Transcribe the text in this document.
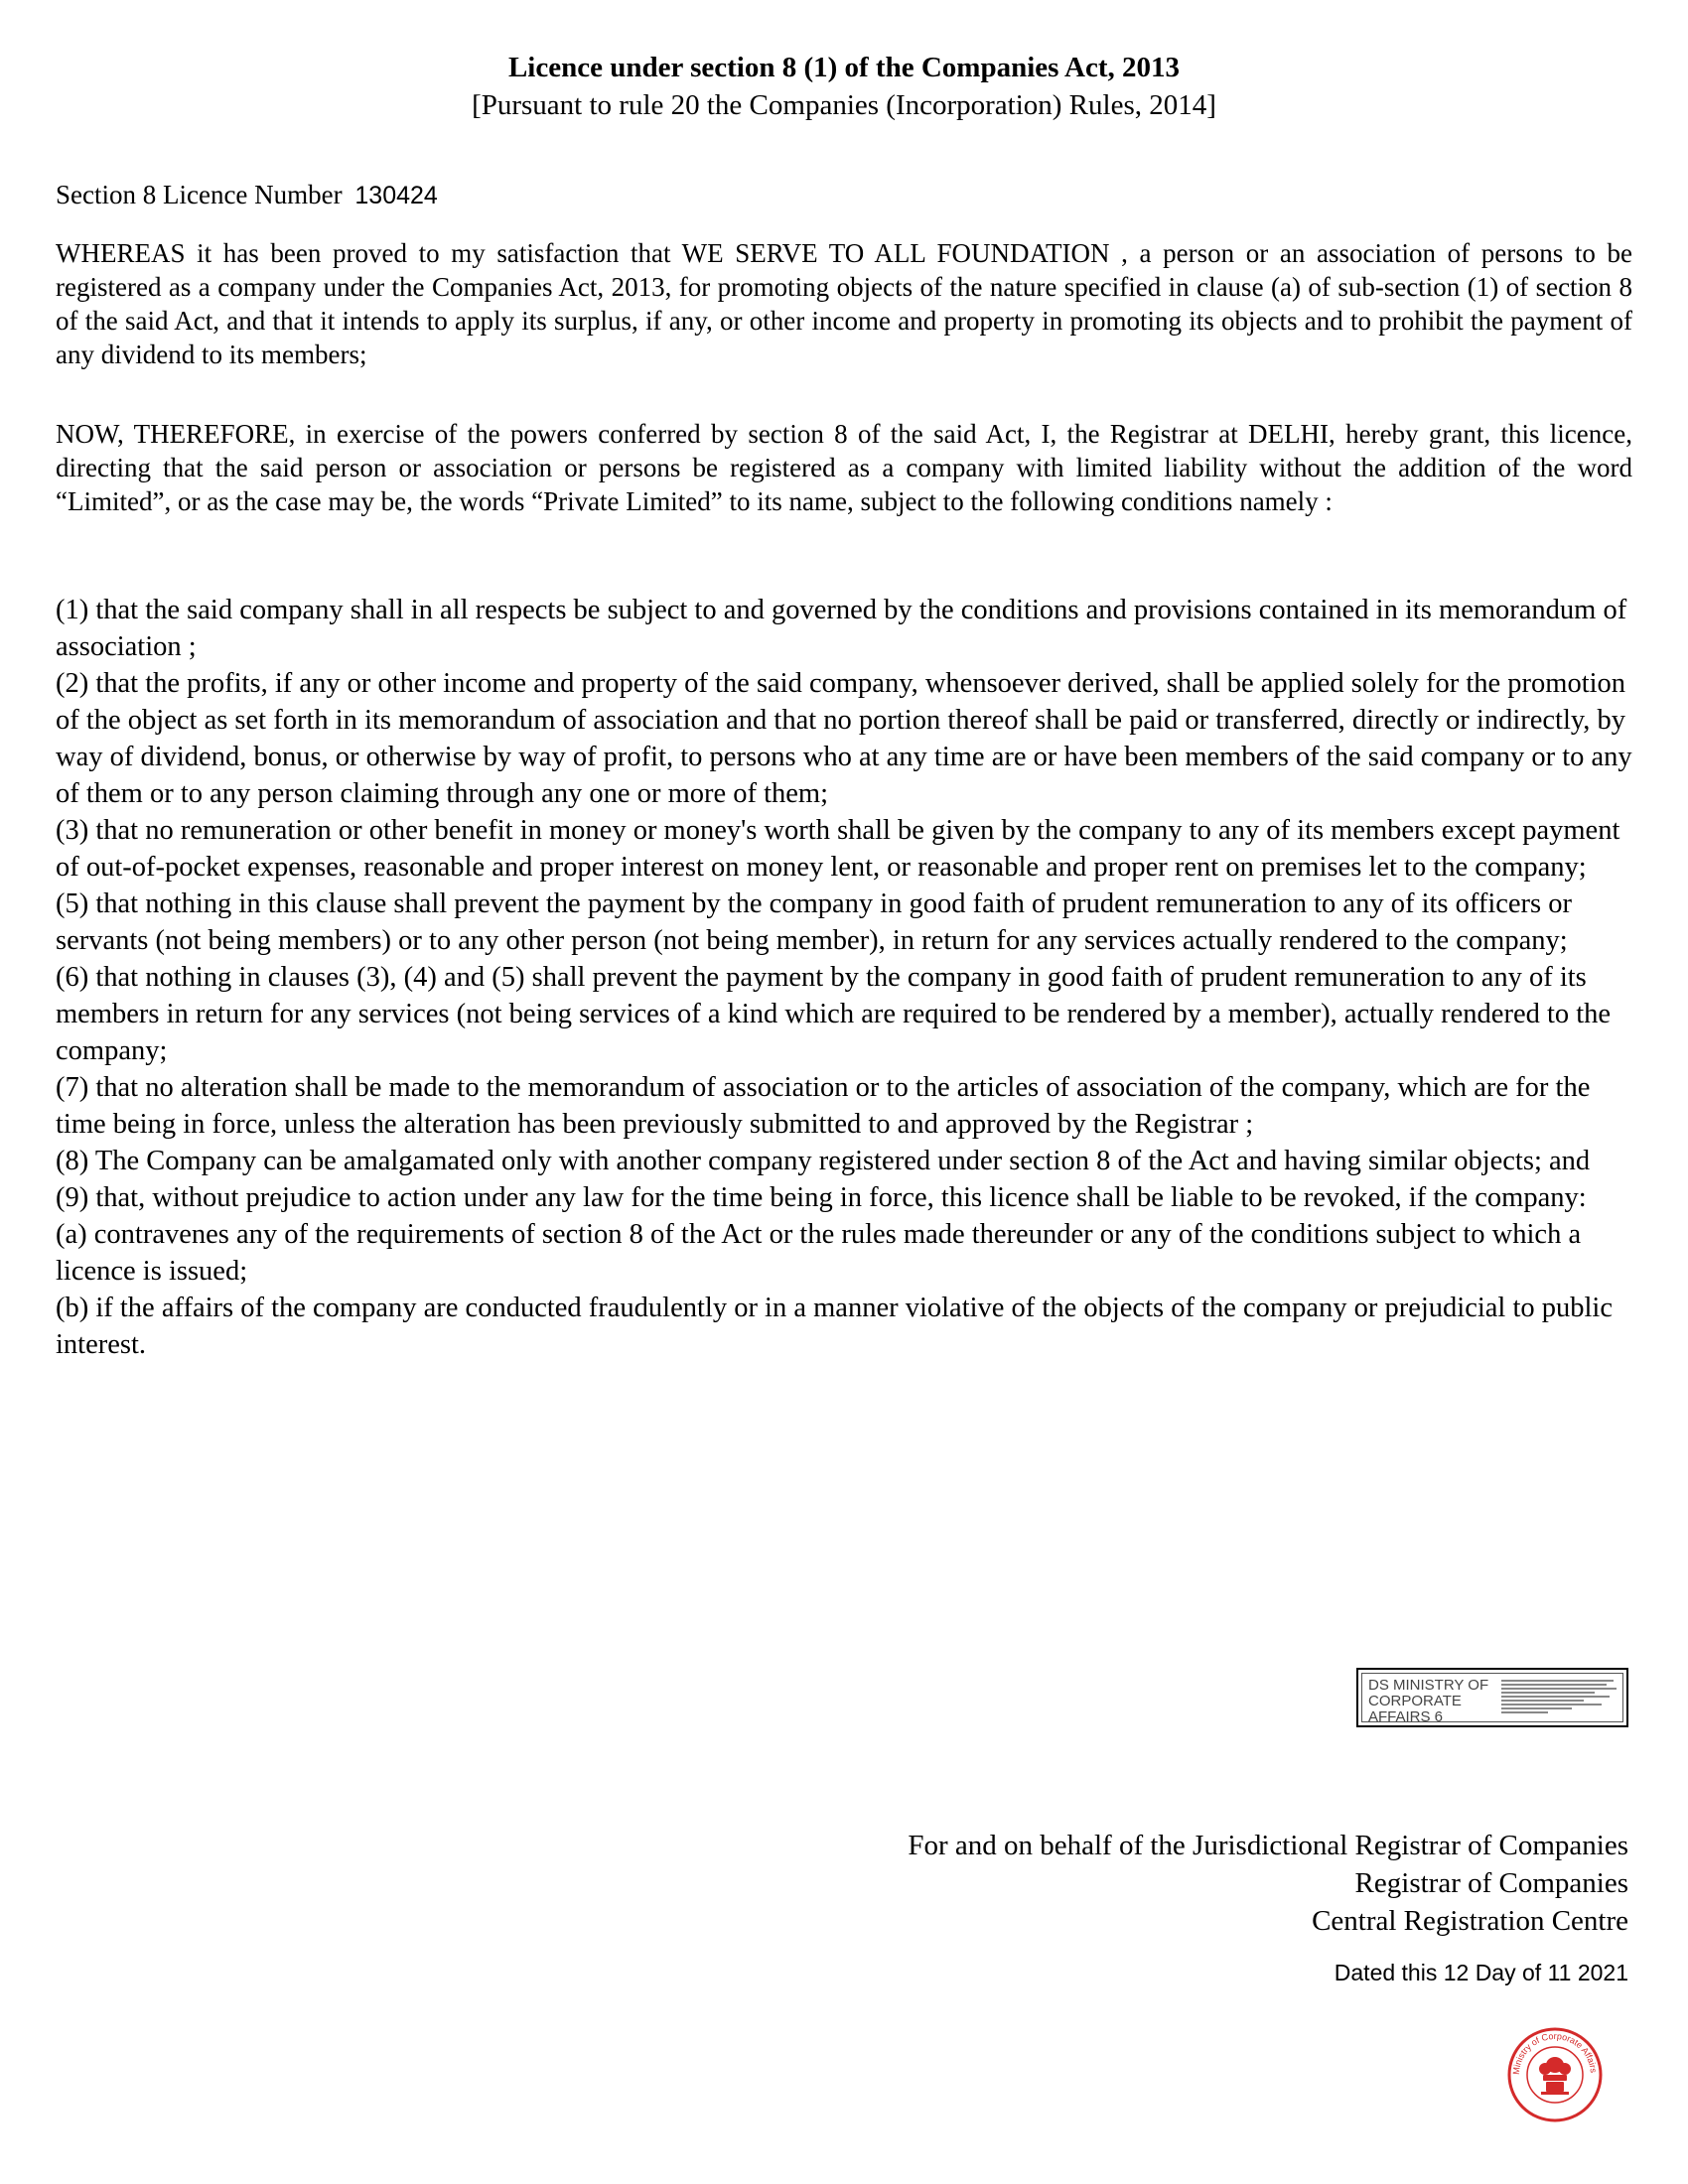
Licence under section 8 (1) of the Companies Act, 2013
[Pursuant to rule 20 the Companies (Incorporation) Rules, 2014]
Section 8 Licence Number 130424
WHEREAS it has been proved to my satisfaction that WE SERVE TO ALL FOUNDATION , a person or an association of persons to be registered as a company under the Companies Act, 2013, for promoting objects of the nature specified in clause (a) of sub-section (1) of section 8 of the said Act, and that it intends to apply its surplus, if any, or other income and property in promoting its objects and to prohibit the payment of any dividend to its members;
NOW, THEREFORE, in exercise of the powers conferred by section 8 of the said Act, I, the Registrar at DELHI, hereby grant, this licence, directing that the said person or association or persons be registered as a company with limited liability without the addition of the word “Limited”, or as the case may be, the words “Private Limited” to its name, subject to the following conditions namely :
(1) that the said company shall in all respects be subject to and governed by the conditions and provisions contained in its memorandum of association ;
(2) that the profits, if any or other income and property of the said company, whensoever derived, shall be applied solely for the promotion of the object as set forth in its memorandum of association and that no portion thereof shall be paid or transferred, directly or indirectly, by way of dividend, bonus, or otherwise by way of profit, to persons who at any time are or have been members of the said company or to any of them or to any person claiming through any one or more of them;
(3) that no remuneration or other benefit in money or money's worth shall be given by the company to any of its members except payment of out-of-pocket expenses, reasonable and proper interest on money lent, or reasonable and proper rent on premises let to the company;
(5) that nothing in this clause shall prevent the payment by the company in good faith of prudent remuneration to any of its officers or servants (not being members) or to any other person (not being member), in return for any services actually rendered to the company;
(6) that nothing in clauses (3), (4) and (5) shall prevent the payment by the company in good faith of prudent remuneration to any of its members in return for any services (not being services of a kind which are required to be rendered by a member), actually rendered to the company;
(7) that no alteration shall be made to the memorandum of association or to the articles of association of the company, which are for the time being in force, unless the alteration has been previously submitted to and approved by the Registrar ;
(8) The Company can be amalgamated only with another company registered under section 8 of the Act and having similar objects; and
(9) that, without prejudice to action under any law for the time being in force, this licence shall be liable to be revoked, if the company:
(a) contravenes any of the requirements of section 8 of the Act or the rules made thereunder or any of the conditions subject to which a licence is issued;
(b) if the affairs of the company are conducted fraudulently or in a manner violative of the objects of the company or prejudicial to public interest.
DS MINISTRY OF CORPORATE AFFAIRS 6
For and on behalf of the Jurisdictional Registrar of Companies
Registrar of Companies
Central Registration Centre
Dated this 12 Day of 11 2021
Ministry of Corporate Affairs
